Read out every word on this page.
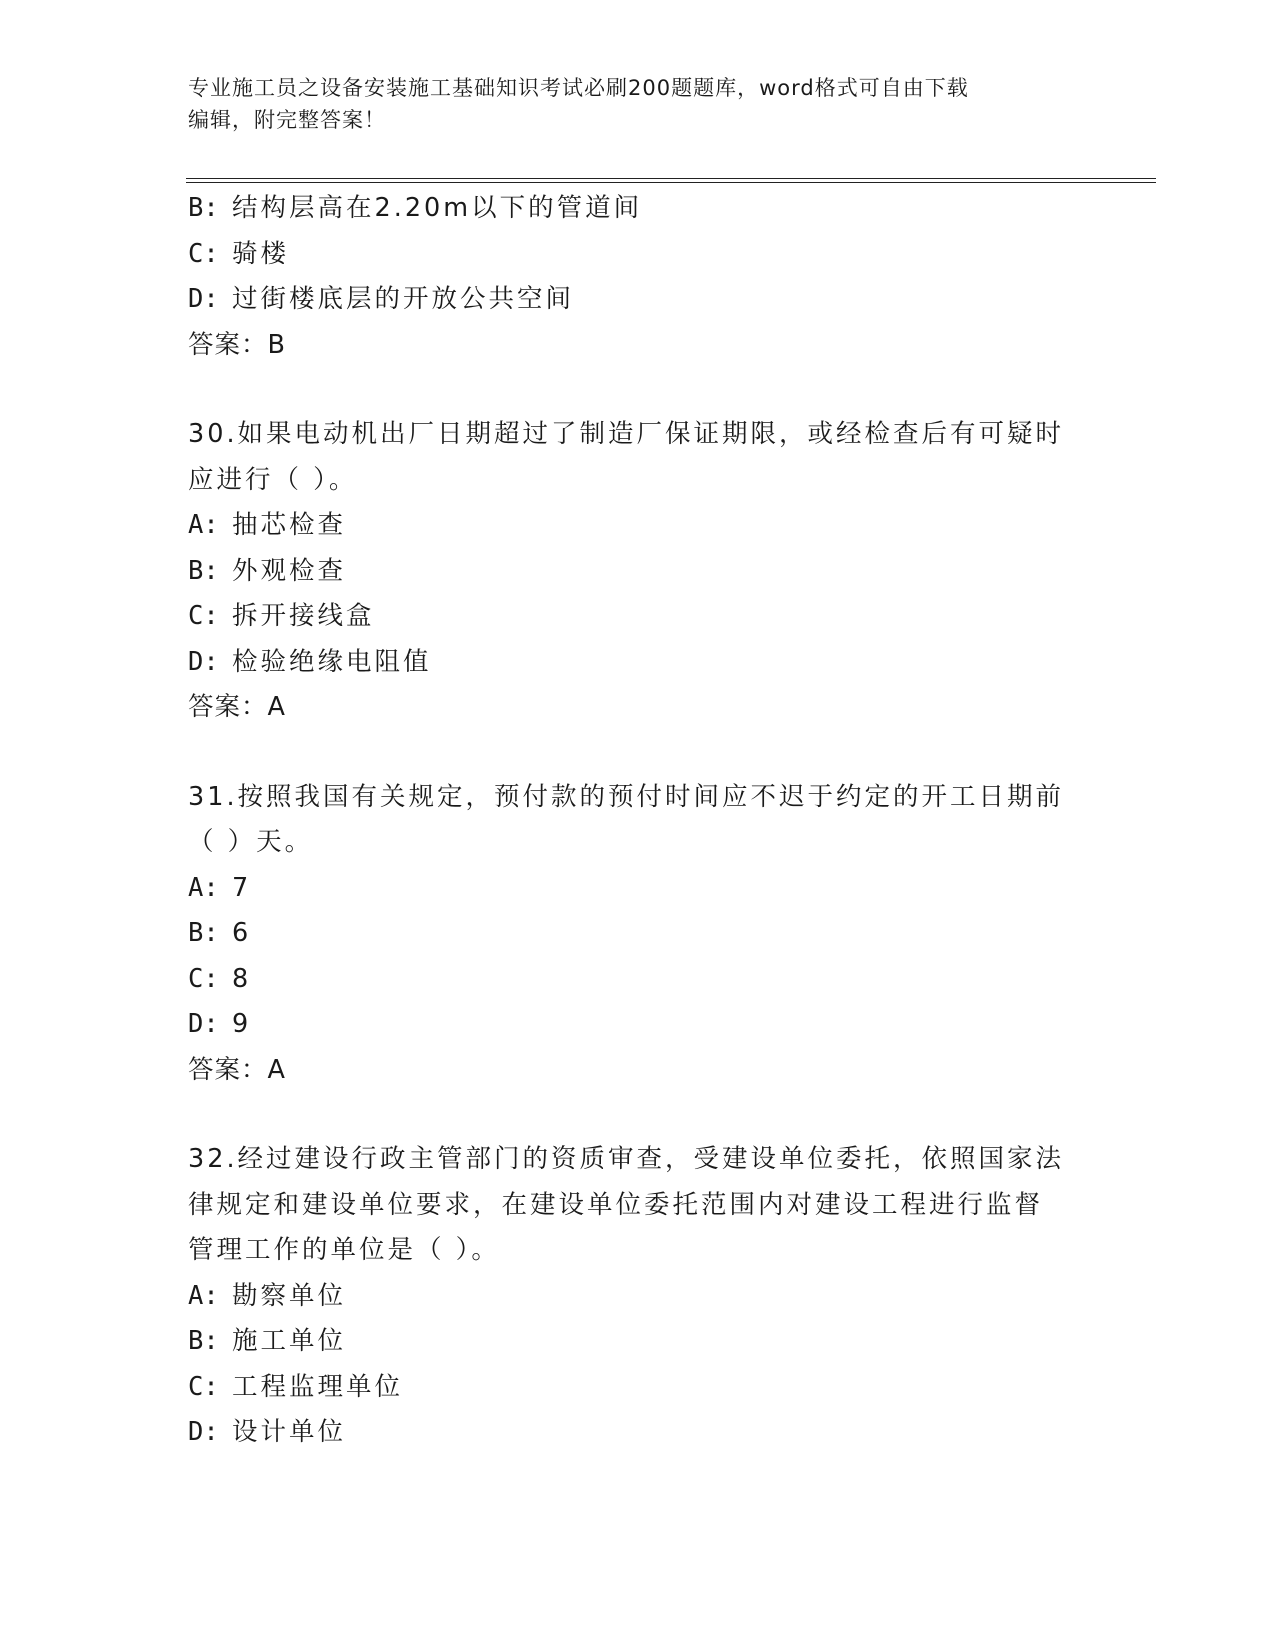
专业施工员之设备安装施工基础知识考试必刷200题题库，word格式可自由下载
编辑，附完整答案！
B: 结构层高在2.20m以下的管道间
C: 骑楼
D: 过街楼底层的开放公共空间
答案：B
30.如果电动机出厂日期超过了制造厂保证期限，或经检查后有可疑时
应进行（ ）。
A: 抽芯检查
B: 外观检查
C: 拆开接线盒
D: 检验绝缘电阻值
答案：A
31.按照我国有关规定，预付款的预付时间应不迟于约定的开工日期前
（ ）天。
A: 7
B: 6
C: 8
D: 9
答案：A
32.经过建设行政主管部门的资质审查，受建设单位委托，依照国家法
律规定和建设单位要求，在建设单位委托范围内对建设工程进行监督
管理工作的单位是（ ）。
A: 勘察单位
B: 施工单位
C: 工程监理单位
D: 设计单位
